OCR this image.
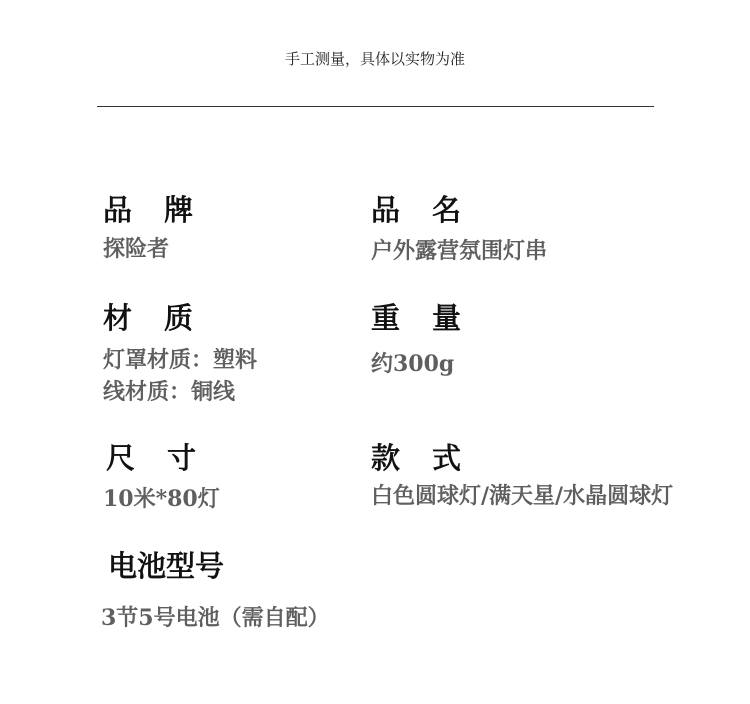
手工测量，具体以实物为准
品牌
探险者
品名
户外露营氛围灯串
材质
灯罩材质：塑料
线材质：铜线
重量
约300g
尺寸
10米*80灯
款式
白色圆球灯/满天星/水晶圆球灯
电池型号
3节5号电池（需自配）
